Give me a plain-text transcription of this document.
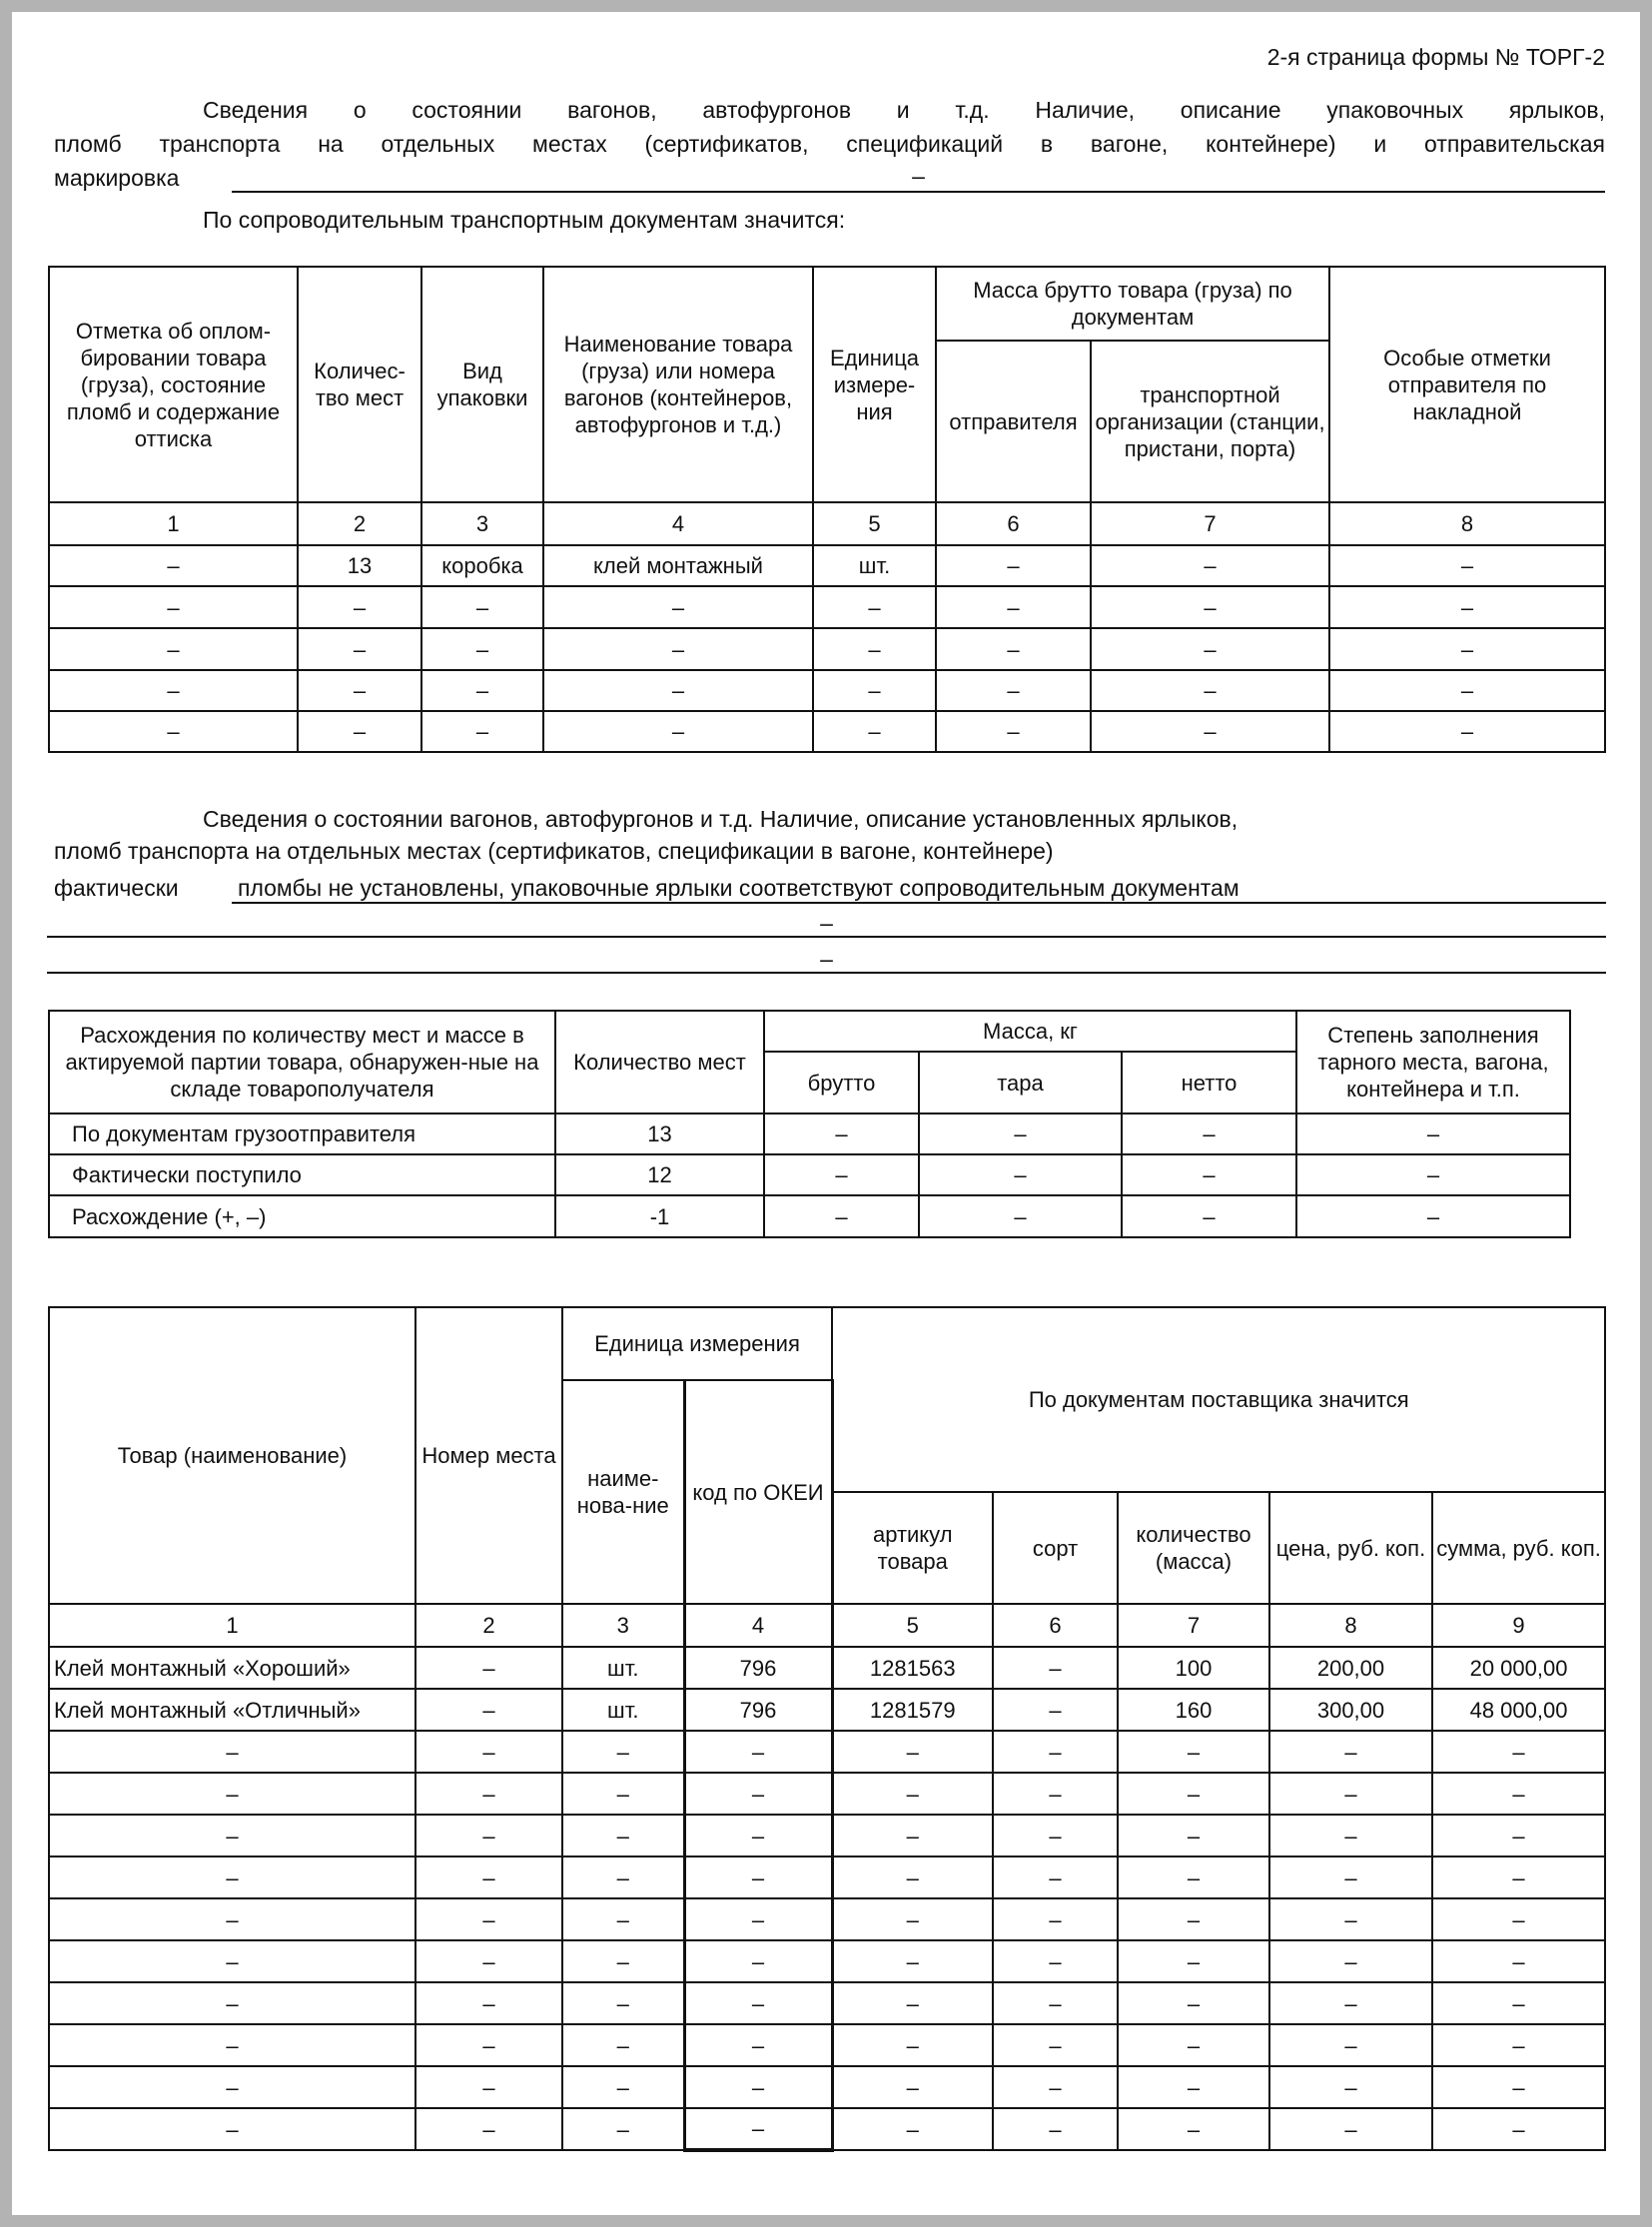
2-я страница формы № ТОРГ-2
Сведения о состоянии вагонов, автофургонов и т.д. Наличие, описание упаковочных ярлыков,
пломб транспорта на отдельных местах (сертификатов, спецификаций в вагоне, контейнере) и отправительская
маркировка	–
По сопроводительным транспортным документам значится:
Отметка об оплом-бировании товара (груза), состояние пломб и содержание оттиска	Количес-тво мест	Вид упаковки	Наименование товара (груза) или номера вагонов (контейнеров, автофургонов и т.д.)	Единица измере-ния	Масса брутто товара (груза) по документам		Особые отметки отправителя по накладной
					отправителя	транспортной организации (станции, пристани, порта)	
1	2	3	4	5	6	7	8
–	13	коробка	клей монтажный	шт.	–	–	–
–	–	–	–	–	–	–	–
–	–	–	–	–	–	–	–
–	–	–	–	–	–	–	–
–	–	–	–	–	–	–	–
Сведения о состоянии вагонов, автофургонов и т.д. Наличие, описание установленных ярлыков,
пломб транспорта на отдельных местах (сертификатов, спецификации в вагоне, контейнере)
фактически	пломбы не установлены, упаковочные ярлыки соответствуют сопроводительным документам
–
–
Расхождения по количеству мест и массе в актируемой партии товара, обнаружен-ные на складе товарополучателя	Количество мест	Масса, кг			Степень заполнения тарного места, вагона, контейнера и т.п.
		брутто	тара	нетто	
По документам грузоотправителя	13	–	–	–	–
Фактически поступило	12	–	–	–	–
Расхождение (+, –)	-1	–	–	–	–
Товар (наименование)	Номер места	Единица измерения		По документам поставщика значится				
		наиме-нова-ние	код по ОКЕИ					
				артикул товара	сорт	количество (масса)	цена, руб. коп.	сумма, руб. коп.
1	2	3	4	5	6	7	8	9
Клей монтажный «Хороший»	–	шт.	796	1281563	–	100	200,00	20 000,00
Клей монтажный «Отличный»	–	шт.	796	1281579	–	160	300,00	48 000,00
–	–	–	–	–	–	–	–	–
–	–	–	–	–	–	–	–	–
–	–	–	–	–	–	–	–	–
–	–	–	–	–	–	–	–	–
–	–	–	–	–	–	–	–	–
–	–	–	–	–	–	–	–	–
–	–	–	–	–	–	–	–	–
–	–	–	–	–	–	–	–	–
–	–	–	–	–	–	–	–	–
–	–	–	–	–	–	–	–	–
